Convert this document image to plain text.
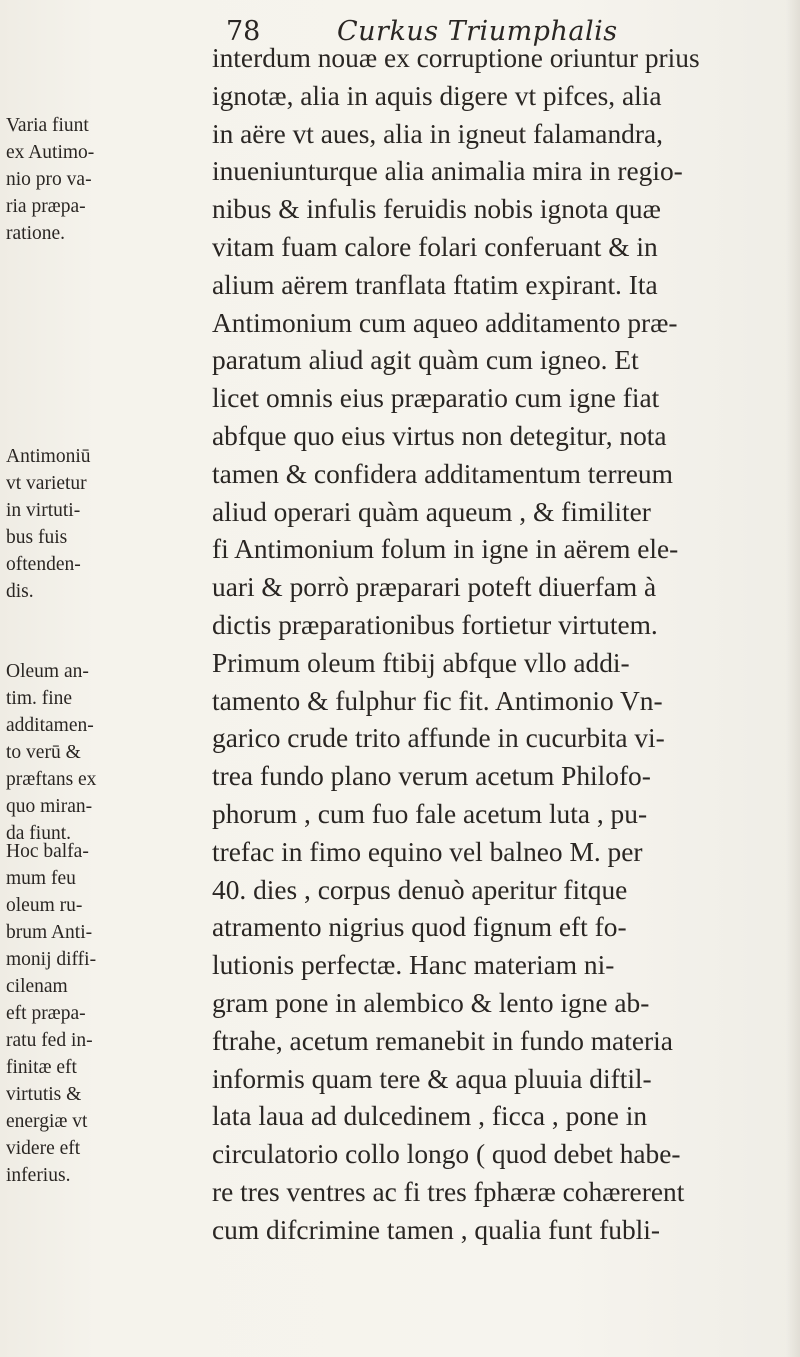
78	Curkus Triumphalis
interdum nouæ ex corruptione oriuntur prius
ignotæ, alia in aquis digere vt pifces, alia
in aëre vt aues, alia in igneut falamandra,
inueniunturque alia animalia mira in regio-
nibus & infulis feruidis nobis ignota quæ
vitam fuam calore folari conferuant & in
alium aërem tranflata ftatim expirant. Ita
Antimonium cum aqueo additamento præ-
paratum aliud agit quàm cum igneo. Et
licet omnis eius præparatio cum igne fiat
abfque quo eius virtus non detegitur, nota
tamen & confidera additamentum terreum
aliud operari quàm aqueum , & fimiliter
fi Antimonium folum in igne in aërem ele-
uari & porrò præparari poteft diuerfam à
dictis præparationibus fortietur virtutem.
Primum oleum ftibij abfque vllo addi-
tamento & fulphur fic fit. Antimonio Vn-
garico crude trito affunde in cucurbita vi-
trea fundo plano verum acetum Philofo-
phorum , cum fuo fale acetum luta , pu-
trefac in fimo equino vel balneo M. per
40. dies , corpus denuò aperitur fitque
atramento nigrius quod fignum eft fo-
lutionis perfectæ. Hanc materiam ni-
gram pone in alembico & lento igne ab-
ftrahe, acetum remanebit in fundo materia
informis quam tere & aqua pluuia diftil-
lata laua ad dulcedinem , ficca , pone in
circulatorio collo longo ( quod debet habe-
re tres ventres ac fi tres fphæræ cohærerent
cum difcrimine tamen , qualia funt fubli-
Varia fiunt
ex Autimo-
nio pro va-
ria præpa-
ratione.
Antimoniū
vt varietur
in virtuti-
bus fuis
oftenden-
dis.
Oleum an-
tim. fine
additamen-
to verū &
præftans ex
quo miran-
da fiunt.
Hoc balfa-
mum feu
oleum ru-
brum Anti-
monij diffi-
cilenam
eft præpa-
ratu fed in-
finitæ eft
virtutis &
energiæ vt
videre eft
inferius.
